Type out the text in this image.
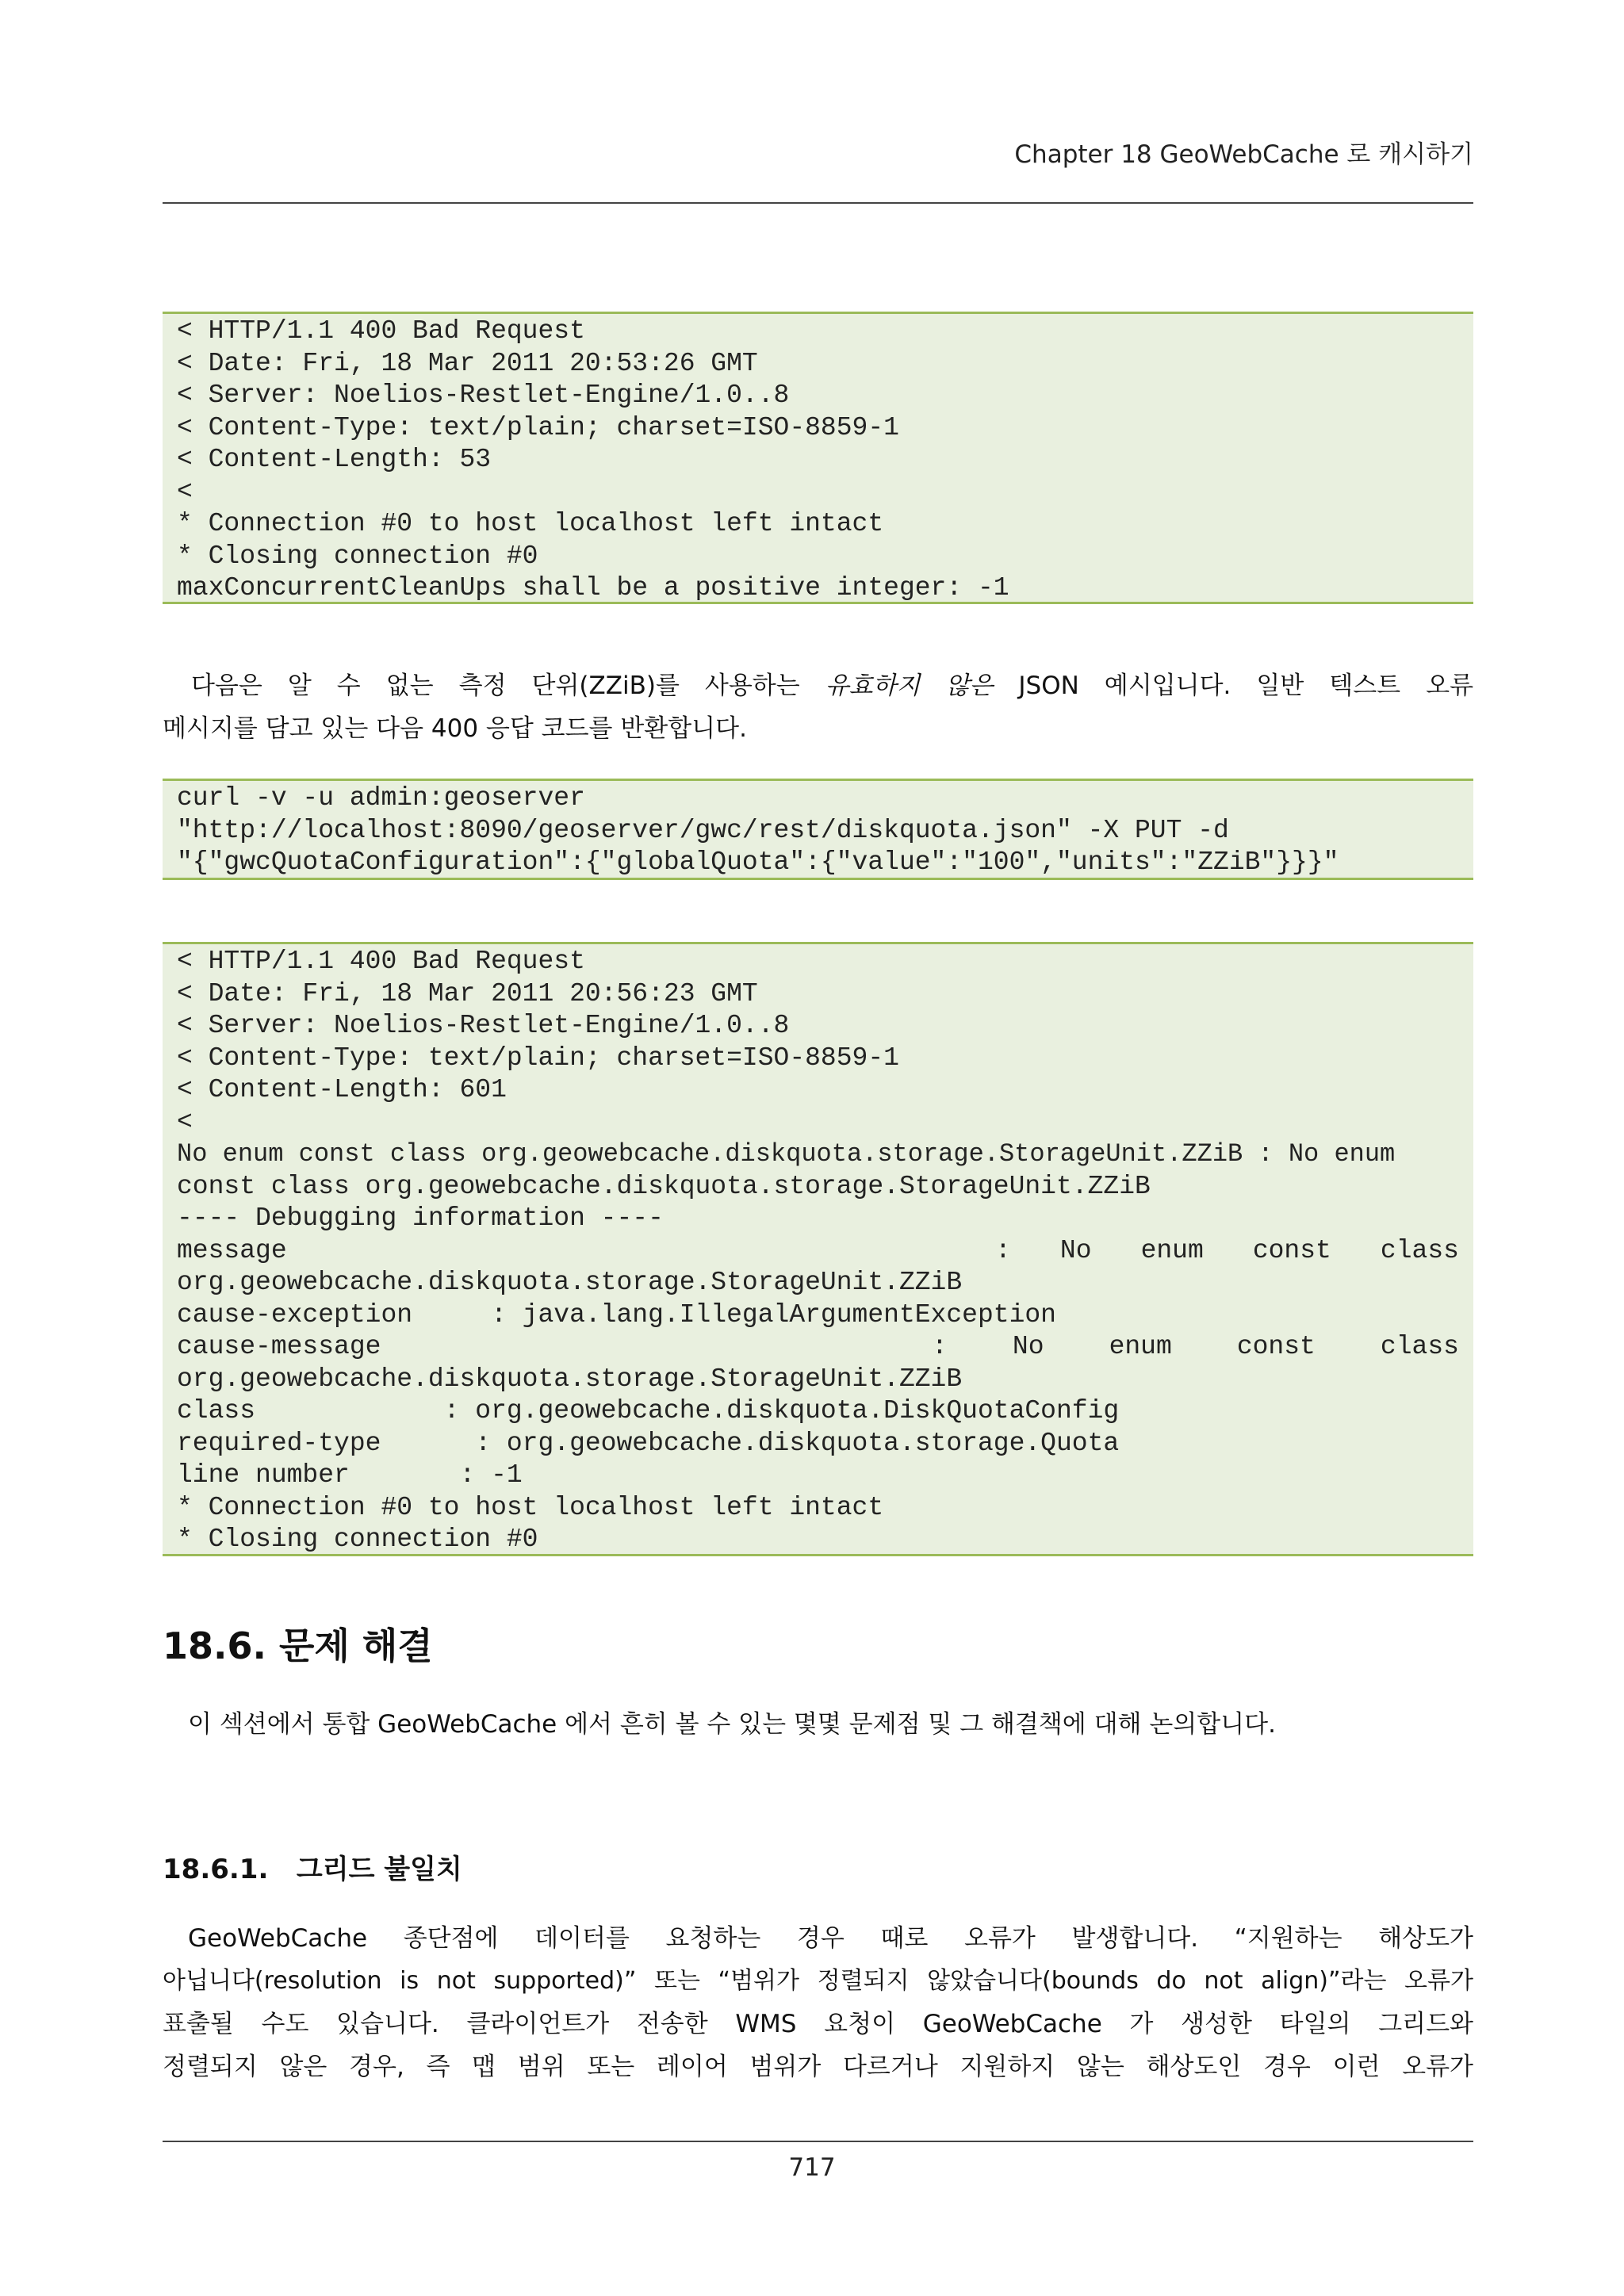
Chapter 18 GeoWebCache 로 캐시하기
< HTTP/1.1 400 Bad Request
< Date: Fri, 18 Mar 2011 20:53:26 GMT
< Server: Noelios-Restlet-Engine/1.0..8
< Content-Type: text/plain; charset=ISO-8859-1
< Content-Length: 53
<
* Connection #0 to host localhost left intact
* Closing connection #0
maxConcurrentCleanUps shall be a positive integer: -1
다음은 알 수 없는 측정 단위(ZZiB)를 사용하는 유효하지 않은 JSON 예시입니다. 일반 텍스트 오류
메시지를 담고 있는 다음 400 응답 코드를 반환합니다.
curl -v -u admin:geoserver
"http://localhost:8090/geoserver/gwc/rest/diskquota.json" -X PUT -d
"{"gwcQuotaConfiguration":{"globalQuota":{"value":"100","units":"ZZiB"}}}"
< HTTP/1.1 400 Bad Request
< Date: Fri, 18 Mar 2011 20:56:23 GMT
< Server: Noelios-Restlet-Engine/1.0..8
< Content-Type: text/plain; charset=ISO-8859-1
< Content-Length: 601
<
No enum const class org.geowebcache.diskquota.storage.StorageUnit.ZZiB : No enum
const class org.geowebcache.diskquota.storage.StorageUnit.ZZiB
---- Debugging information ----
message	: No enum const class
org.geowebcache.diskquota.storage.StorageUnit.ZZiB
cause-exception     : java.lang.IllegalArgumentException
cause-message	: No enum const class
org.geowebcache.diskquota.storage.StorageUnit.ZZiB
class            : org.geowebcache.diskquota.DiskQuotaConfig
required-type      : org.geowebcache.diskquota.storage.Quota
line number       : -1
* Connection #0 to host localhost left intact
* Closing connection #0
18.6. 문제 해결
이 섹션에서 통합 GeoWebCache 에서 흔히 볼 수 있는 몇몇 문제점 및 그 해결책에 대해 논의합니다.
18.6.1.   그리드 불일치
GeoWebCache 종단점에 데이터를 요청하는 경우 때로 오류가 발생합니다. “지원하는 해상도가
아닙니다(resolution is not supported)” 또는 “범위가 정렬되지 않았습니다(bounds do not align)”라는 오류가
표출될 수도 있습니다. 클라이언트가 전송한 WMS 요청이 GeoWebCache 가 생성한 타일의 그리드와
정렬되지 않은 경우, 즉 맵 범위 또는 레이어 범위가 다르거나 지원하지 않는 해상도인 경우 이런 오류가
717
